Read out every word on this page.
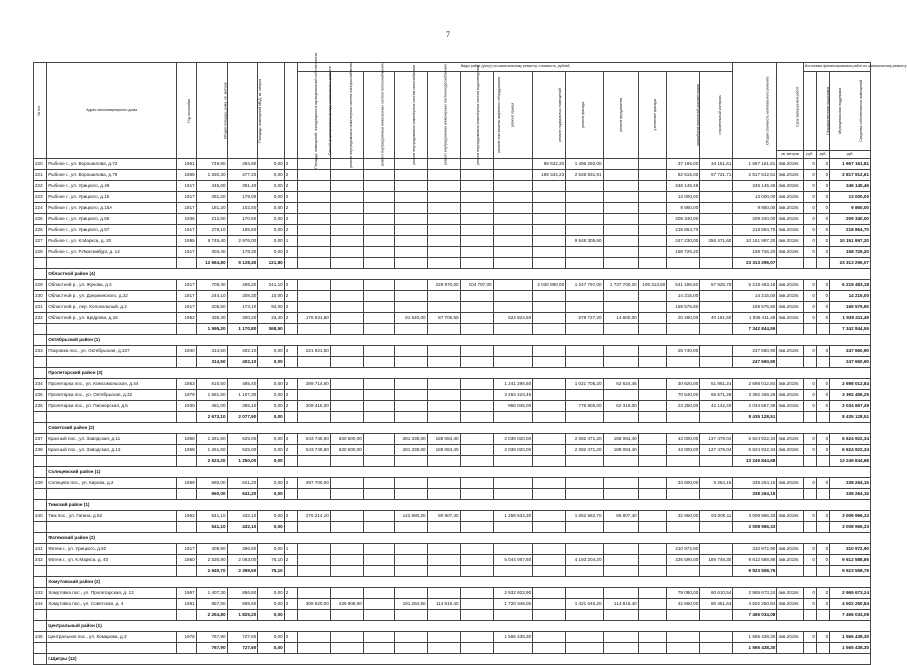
7
№ п/п	Адрес многоквартирного дома	Год постройки	Общая площадь дома, кв. метров	Площадь помещений МКД, кв. метров	Площадь помещений, находящихся в муниципальной собственности	Способ формирования фонда капитального ремонта	Виды работ (услуг) по капитальному ремонту, стоимость, рублей													Общая стоимость капитального ремонта	Срок завершения работ	Источники финансирования работ по капитальному ремонту		
							ремонт внутридомовых инженерных систем электроснабжения	ремонт внутридомовых инженерных систем теплоснабжения	ремонт внутридомовых инженерных систем газоснабжения	ремонт внутридомовых инженерных систем водоснабжения	ремонт внутридомовых инженерных систем водоотведения	ремонт или замена лифтового оборудования	ремонт крыши	ремонт подвальных помещений	ремонт фасада	ремонт фундамента	утепление фасада	разработка проектной документации	строительный контроль			Государственная поддержка	Муниципальная поддержка	Средства собственников помещений
																					кв. метров	руб.	руб.	руб.
220	Рыбное г., ул. Ворошилова, д.72	1961	749,90	494,90	0,00	2								98 632,20	1 496 292,00			37 165,00	34 151,61	1 667 161,81	4кв.2019г.	0	0	1 667 161,81
221	Рыбное г., ул. Ворошилова, д.79	1966	1 250,30	477,20	0,00	2								169 344,23	2 628 831,91			82 615,00	57 721,71	2 817 912,61	4кв.2019г.	0	0	2 817 912,61
222	Рыбное г., ул. Урицкого, д.49	1917	445,00	391,40	0,00	2												346 145,46		346 145,46	4кв.2019г.	0	0	346 145,46
223	Рыбное г., ул. Урицкого, д.15	1917	281,20	179,00	0,00	2												13 000,00		13 000,00	4кв.2019г.	0	0	13 000,00
224	Рыбное г., ул. Урицкого, д.15А	1917	181,20	102,50	0,00	2												9 860,00		9 860,00	4кв.2019г.	0	0	9 860,00
225	Рыбное г., ул. Урицкого, д.56	1936	212,60	170,60	0,00	2												209 340,00		209 340,00	4кв.2019г.	0	0	209 340,00
226	Рыбное г., ул. Урицкого, д.57	1917	276,10	165,60	0,00	2												218 864,70		218 864,70	4кв.2019г.	0	0	218 864,70
227	Рыбное г., ул. К.Маркса, д. 20	1995	8 745,40	2 976,00	0,00	1									9 648 305,60			247 230,00	256 471,60	10 151 997,20	4кв.2019г.	0	0	10 151 997,20
228	Рыбное г., ул. Р.Люксембург, д. 12	1917	303,40	178,30	0,00	2												158 726,20		158 726,20	4кв.2019г.	0	0	158 726,20
			12 664,80	5 128,40	121,80															23 313 296,07				23 313 296,07
	Областной район (4)																							
229	Областной р., ул. Жукова, д.4	1917	709,30	489,20	241,10	2					229 970,00	104 797,00		2 030 890,00	1 247 797,00	1 737 700,20	109 313,50	541 186,50	57 825,79	6 218 483,18	4кв.2019г.	0	0	6 218 483,18
230	Областной р., ул. Дзержинского, д.22	1917	244,10	208,30	10,00	2												14 215,00		14 215,00	4кв.2019г.	0	0	14 215,00
231	Областной р., пер. Колокольный, д.2	1917	206,50	173,10	94,00	2												169 575,60		169 575,60	4кв.2019г.	0	0	169 575,60
232	Областной р., ул. Щедрова, д.15	1962	435,30	300,20	23,40	2	176 531,60			91 540,00	87 705,50		624 924,50		678 727,20	14 600,00		20 460,00	40 181,60	1 938 411,49	4кв.2019г.	0	0	1 938 411,49
			1 595,20	1 170,80	368,50															7 342 844,55				7 342 844,55
	Октябрьский район (1)																							
233	Покровка пос., ул. Октябрьская, д.107	1940	314,50	402,10	0,00	2	221 921,50											25 740,00		247 660,90	4кв.2019г.	0	0	247 660,90
			314,50	402,10	0,00															247 660,90				247 660,90
	Пролетарский район (3)																							
234	Пролетарка пос., ул. Комсомольская, д.44	1953	610,50	485,40	0,00	2	289 714,60						1 241 295,60		1 021 705,20	62 624,45		30 620,00	51 861,24	2 698 012,84	4кв.2019г.	0	0	2 698 012,84
235	Пролетарка пос., ул. Октябрьская, д.32	1979	1 581,60	1 107,30	0,00	2							3 254 223,45					70 540,00	65 571,28	3 392 456,25	4кв.2019г.	0	0	3 392 456,25
236	Пролетарка пос., ул. Пионерская, д.5	1930	481,00	385,10	0,00	2	209 415,00						956 045,00		776 806,00	62 316,00		23 250,00	42 142,40	2 034 667,49	4кв.2019г.	0	0	2 034 667,49
			2 673,10	2 077,90	0,00															8 435 128,51				8 435 128,51
	Советский район (2)																							
237	Красный пос., ул. Заводская, д.11	1958	1 261,60	625,00	0,00	2	543 749,50	630 600,00		281 338,00	188 084,40		2 039 020,00		2 082 471,20	188 084,40		43 000,00	137 479,04	6 624 922,34	4кв.2019г.	0	0	6 624 922,34
238	Красный пос., ул. Заводская, д.13	1958	1 261,60	625,00	0,00	2	543 749,50	630 600,00		281 338,00	188 084,40		2 039 020,00		2 082 471,20	188 084,40		43 000,00	137 479,04	6 624 922,34	4кв.2019г.	0	0	6 624 922,34
			2 523,20	1 250,00	0,00															13 249 844,68				13 249 844,68
	Солнцевский район (1)																							
239	Солнцево пос., ул. Кирова, д.2	1969	660,00	641,20	0,00	2	297 700,00											34 600,00	6 264,15	338 264,15	4кв.2019г.	0	0	338 264,15
			660,00	641,20	0,00															338 264,15				338 264,15
	Тимский район (1)																							
240	Тим пос., ул. Гагина, д.52	1962	541,10	432,10	0,00	2	276 214,10			142 980,20	80 907,40		1 259 534,30		1 062 562,70	85 807,40		32 950,00	63 000,11	3 008 966,33	4кв.2019г.	0	0	3 008 966,33
			541,10	432,10	0,00															3 008 966,33				3 008 966,33
	Фатежский район (2)																							
241	Фатеж г., ул. Урицкого, д.52	1917	409,90	296,50	0,00	1												310 972,90		310 972,90	4кв.2019г.	0	0	310 972,90
242	Фатеж г., ул. К.Маркса, д. 40	1960	2 530,80	2 063,00	75,10	2							5 044 067,60		4 193 204,20			326 590,00	189 748,30	9 612 588,86	4кв.2019г.	0	0	9 612 588,86
			2 940,70	2 359,50	75,10															9 923 558,76				9 923 558,76
	Хомутовский район (2)																							
243	Хомутовка пос., ул. Пролетарская, д. 12	1967	1 407,30	856,60	0,00	2							2 932 922,90					79 080,00	60 610,54	2 965 673,24	4кв.2019г.	0	0	2 965 673,24
244	Хомутовка пос., ул. Советская, д. 4	1981	857,50	898,60	0,00	2	309 620,00	435 908,00		191 284,50	114 816,40		1 720 348,00		1 421 040,20	114 816,40		42 660,00	80 451,64	4 502 250,84	4кв.2019г.	0	0	4 502 250,84
			2 264,80	1 825,20	0,00															7 466 034,08				7 466 034,08
	Центральный район (1)																							
245	Центральное пос., ул. Комарова, д.3	1978	767,90	727,60	0,00	2							1 565 438,30							1 565 438,30	4кв.2019г.	0	0	1 565 438,30
			767,90	727,60	0,00															1 565 438,30				1 565 438,30
	г.Щигры (12)																							
